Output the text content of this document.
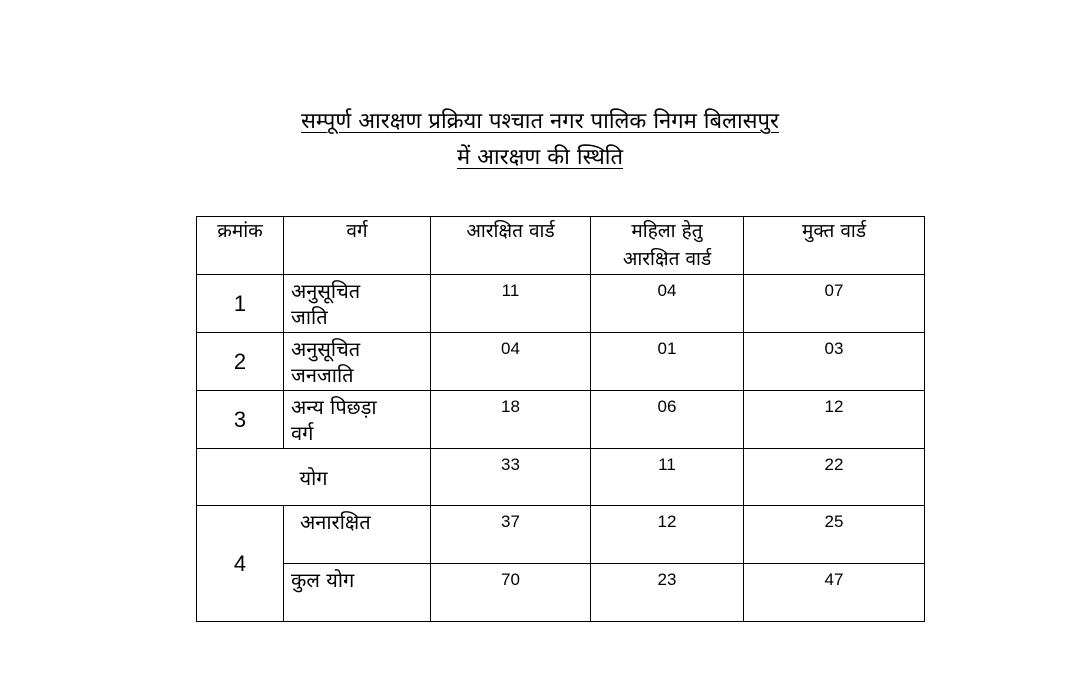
सम्पूर्ण आरक्षण प्रक्रिया पश्चात नगर पालिक निगम बिलासपुर
में आरक्षण की स्थिति
क्रमांक	वर्ग	आरक्षित वार्ड	महिला हेतु
आरक्षित वार्ड	मुक्त वार्ड
1	अनुसूचित
जाति	11	04	07
2	अनुसूचित
जनजाति	04	01	03
3	अन्य पिछड़ा
वर्ग	18	06	12
योग		33	11	22
4	अनारक्षित	37	12	25
	कुल योग	70	23	47
